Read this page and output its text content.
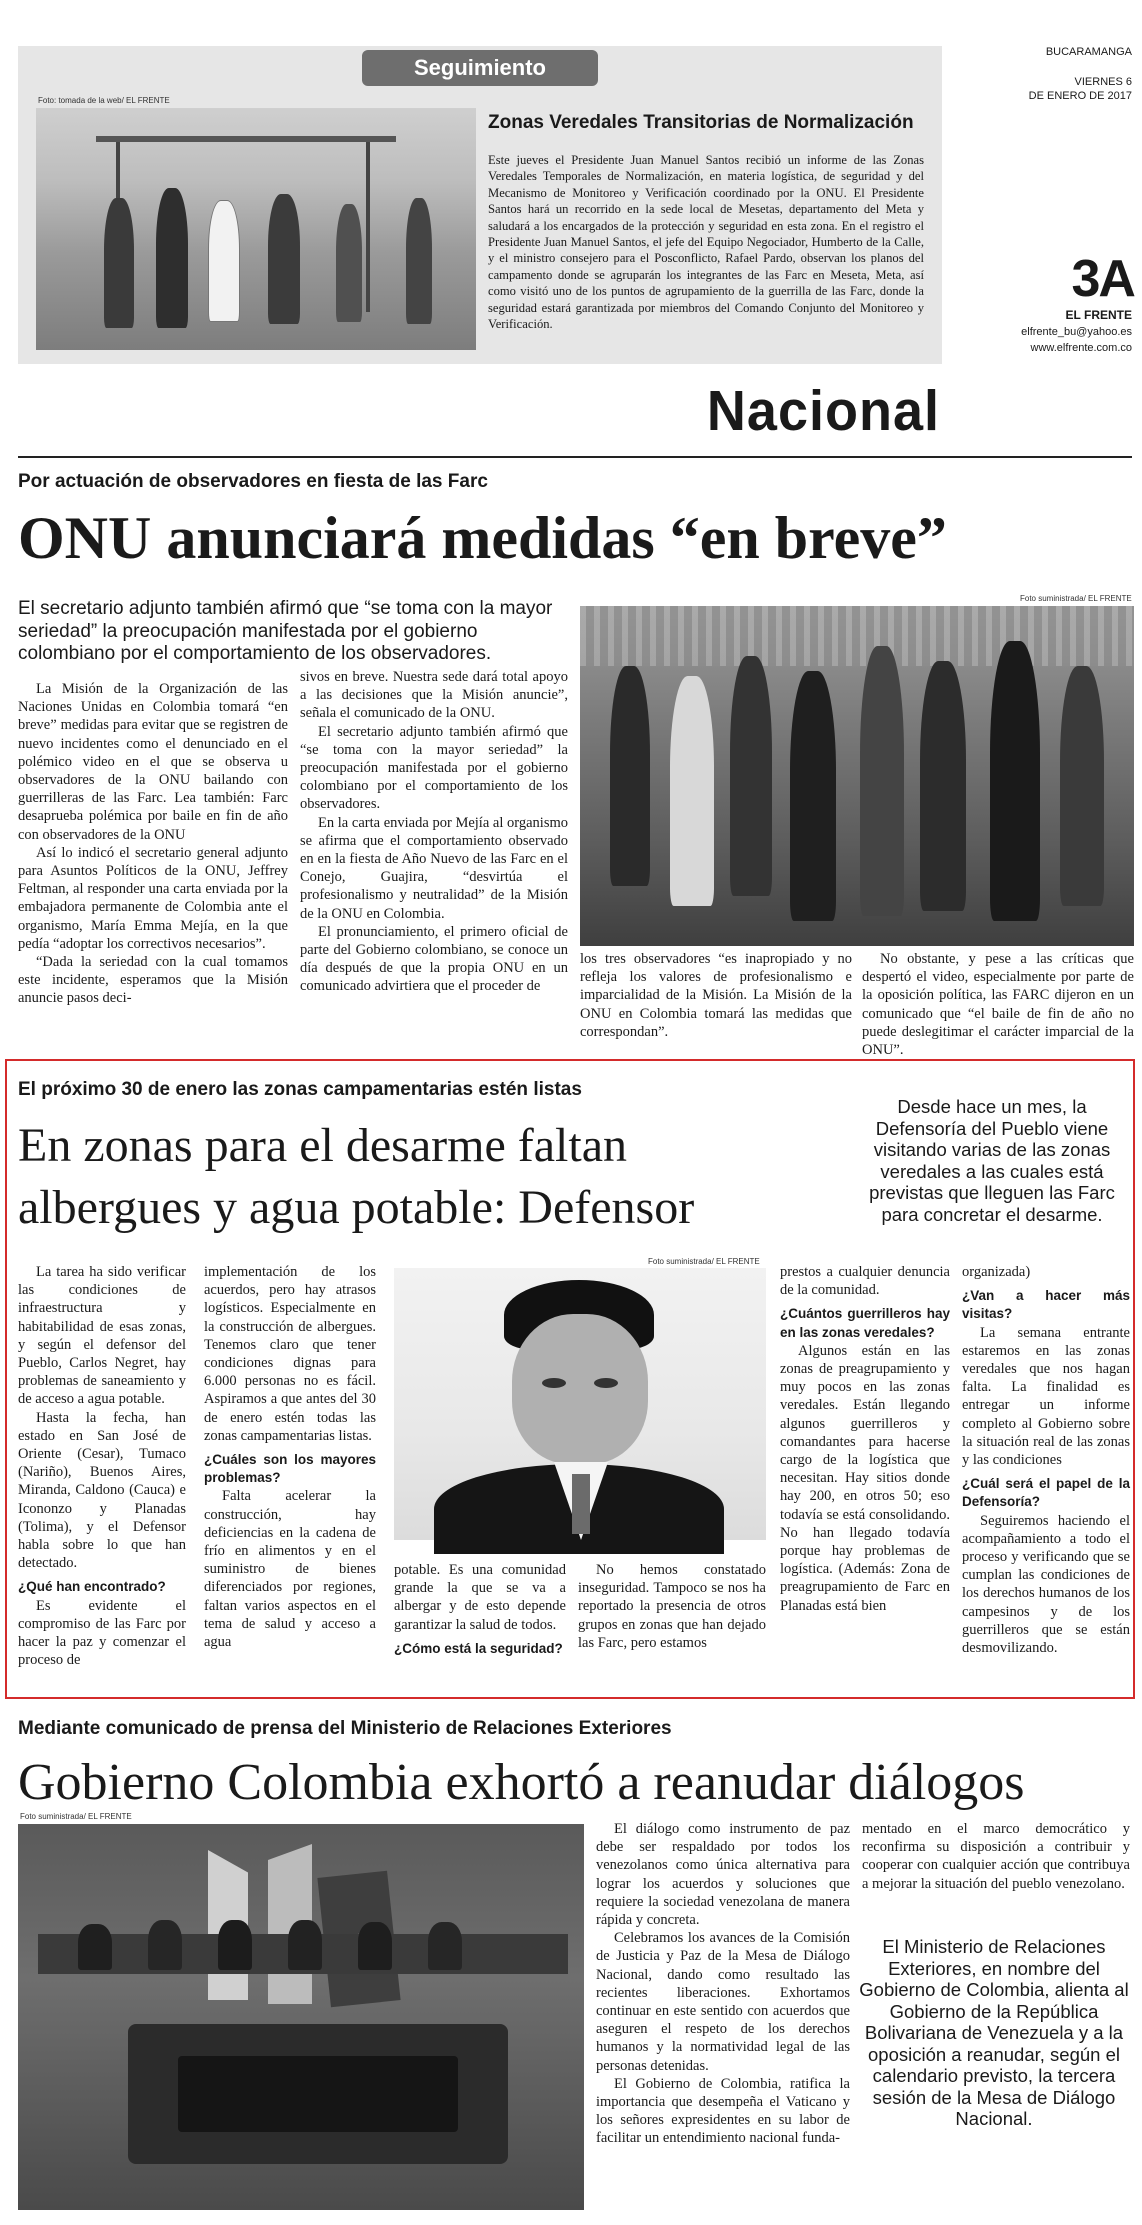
Seguimiento
Foto: tomada de la web/ EL FRENTE
Zonas Veredales Transitorias de Normalización
Este jueves el Presidente Juan Manuel Santos recibió un informe de las Zonas Veredales Temporales de Normalización, en materia logística, de seguridad y del Mecanismo de Monitoreo y Verificación coordinado por la ONU. El Presidente Santos hará un recorrido en la sede local de Mesetas, departamento del Meta y saludará a los encargados de la protección y seguridad en esta zona. En el registro el Presidente Juan Manuel Santos, el jefe del Equipo Negociador, Humberto de la Calle, y el ministro consejero para el Posconflicto, Rafael Pardo, observan los planos del campamento donde se agruparán los integrantes de las Farc en Meseta, Meta, así como visitó uno de los puntos de agrupamiento de la guerrilla de las Farc, donde la seguridad estará garantizada por miembros del Comando Conjunto del Monitoreo y Verificación.
BUCARAMANGA
VIERNES 6
DE ENERO DE 2017
3A
EL FRENTE
elfrente_bu@yahoo.es
www.elfrente.com.co
Nacional
Por actuación de observadores en fiesta de las Farc
ONU anunciará medidas “en breve”
El secretario adjunto también afirmó que “se toma con la mayor seriedad” la preocupación manifestada por el gobierno colombiano por el comportamiento de los observadores.
Foto suministrada/ EL FRENTE

La Misión de la Organización de las Naciones Unidas en Colombia tomará “en breve” medidas para evitar que se registren de nuevo incidentes como el denunciado en el polémico video en el que se observa u observadores de la ONU bailando con guerrilleras de las Farc. Lea también: Farc desaprueba polémica por baile en fin de año con observadores de la ONU

Así lo indicó el secretario general adjunto para Asuntos Políticos de la ONU, Jeffrey Feltman, al responder una carta enviada por la embajadora permanente de Colombia ante el organismo, María Emma Mejía, en la que pedía “adoptar los correctivos necesarios”.

“Dada la seriedad con la cual tomamos este incidente, esperamos que la Misión anuncie pasos deci-

sivos en breve. Nuestra sede dará total apoyo a las decisiones que la Misión anuncie”, señala el comunicado de la ONU.

El secretario adjunto también afirmó que “se toma con la mayor seriedad” la preocupación manifestada por el gobierno colombiano por el comportamiento de los observadores.

En la carta enviada por Mejía al organismo se afirma que el comportamiento observado en en la fiesta de Año Nuevo de las Farc en el Conejo, Guajira, “desvirtúa el profesionalismo y neutralidad” de la Misión de la ONU en Colombia.

El pronunciamiento, el primero oficial de parte del Gobierno colombiano, se conoce un día después de que la propia ONU en un comunicado advirtiera que el proceder de

los tres observadores “es inapropiado y no refleja los valores de profesionalismo e imparcialidad de la Misión. La Misión de la ONU en Colombia tomará las medidas que correspondan”.

No obstante, y pese a las críticas que despertó el video, especialmente por parte de la oposición política, las FARC dijeron en un comunicado que “el baile de fin de año no puede deslegitimar el carácter imparcial de la ONU”.

El próximo 30 de enero las zonas campamentarias estén listas
En zonas para el desarme faltan
albergues y agua potable: Defensor
Desde hace un mes, la Defensoría del Pueblo viene visitando varias de las zonas veredales a las cuales está previstas que lleguen las Farc para concretar el desarme.
Foto suministrada/ EL FRENTE

La tarea ha sido verificar las condiciones de infraestructura y habitabilidad de esas zonas, y según el defensor del Pueblo, Carlos Negret, hay problemas de saneamiento y de acceso a agua potable.

Hasta la fecha, han estado en San José de Oriente (Cesar), Tumaco (Nariño), Buenos Aires, Miranda, Caldono (Cauca) e Icononzo y Planadas (Tolima), y el Defensor habla sobre lo que han detectado.

¿Qué han encontrado?

Es evidente el compromiso de las Farc por hacer la paz y comenzar el proceso de

implementación de los acuerdos, pero hay atrasos logísticos. Especialmente en la construcción de albergues. Tenemos claro que tener condiciones dignas para 6.000 personas no es fácil. Aspiramos a que antes del 30 de enero estén todas las zonas campamentarias listas.

¿Cuáles son los mayores problemas?

Falta acelerar la construcción, hay deficiencias en la cadena de frío en alimentos y en el suministro de bienes diferenciados por regiones, faltan varios aspectos en el tema de salud y acceso a agua

potable. Es una comunidad grande la que se va a albergar y de esto depende garantizar la salud de todos.

¿Cómo está la seguridad?

No hemos constatado inseguridad. Tampoco se nos ha reportado la presencia de otros grupos en zonas que han dejado las Farc, pero estamos

prestos a cualquier denuncia de la comunidad.

¿Cuántos guerrilleros hay en las zonas veredales?

Algunos están en las zonas de preagrupamiento y muy pocos en las zonas veredales. Están llegando algunos guerrilleros y comandantes para hacerse cargo de la logística que necesitan. Hay sitios donde hay 200, en otros 50; eso todavía se está consolidando. No han llegado todavía porque hay problemas de logística. (Además: Zona de preagrupamiento de Farc en Planadas está bien

organizada)

¿Van a hacer más visitas?

La semana entrante estaremos en las zonas veredales que nos hagan falta. La finalidad es entregar un informe completo al Gobierno sobre la situación real de las zonas y las condiciones

¿Cuál será el papel de la Defensoría?

Seguiremos haciendo el acompañamiento a todo el proceso y verificando que se cumplan las condiciones de los derechos humanos de los campesinos y de los guerrilleros que se están desmovilizando.

Mediante comunicado de prensa del Ministerio de Relaciones Exteriores
Gobierno Colombia exhortó a reanudar diálogos
Foto suministrada/ EL FRENTE

El diálogo como instrumento de paz debe ser respaldado por todos los venezolanos como única alternativa para lograr los acuerdos y soluciones que requiere la sociedad venezolana de manera rápida y concreta.

Celebramos los avances de la Comisión de Justicia y Paz de la Mesa de Diálogo Nacional, dando como resultado las recientes liberaciones. Exhortamos continuar en este sentido con acuerdos que aseguren el respeto de los derechos humanos y la normatividad legal de las personas detenidas.

El Gobierno de Colombia, ratifica la importancia que desempeña el Vaticano y los señores expresidentes en su labor de facilitar un entendimiento nacional funda-

mentado en el marco democrático y reconfirma su disposición a contribuir y cooperar con cualquier acción que contribuya a mejorar la situación del pueblo venezolano.

El Ministerio de Relaciones Exteriores, en nombre del Gobierno de Colombia, alienta al Gobierno de la República Bolivariana de Venezuela y a la oposición a reanudar, según el calendario previsto, la tercera sesión de la Mesa de Diálogo Nacional.
